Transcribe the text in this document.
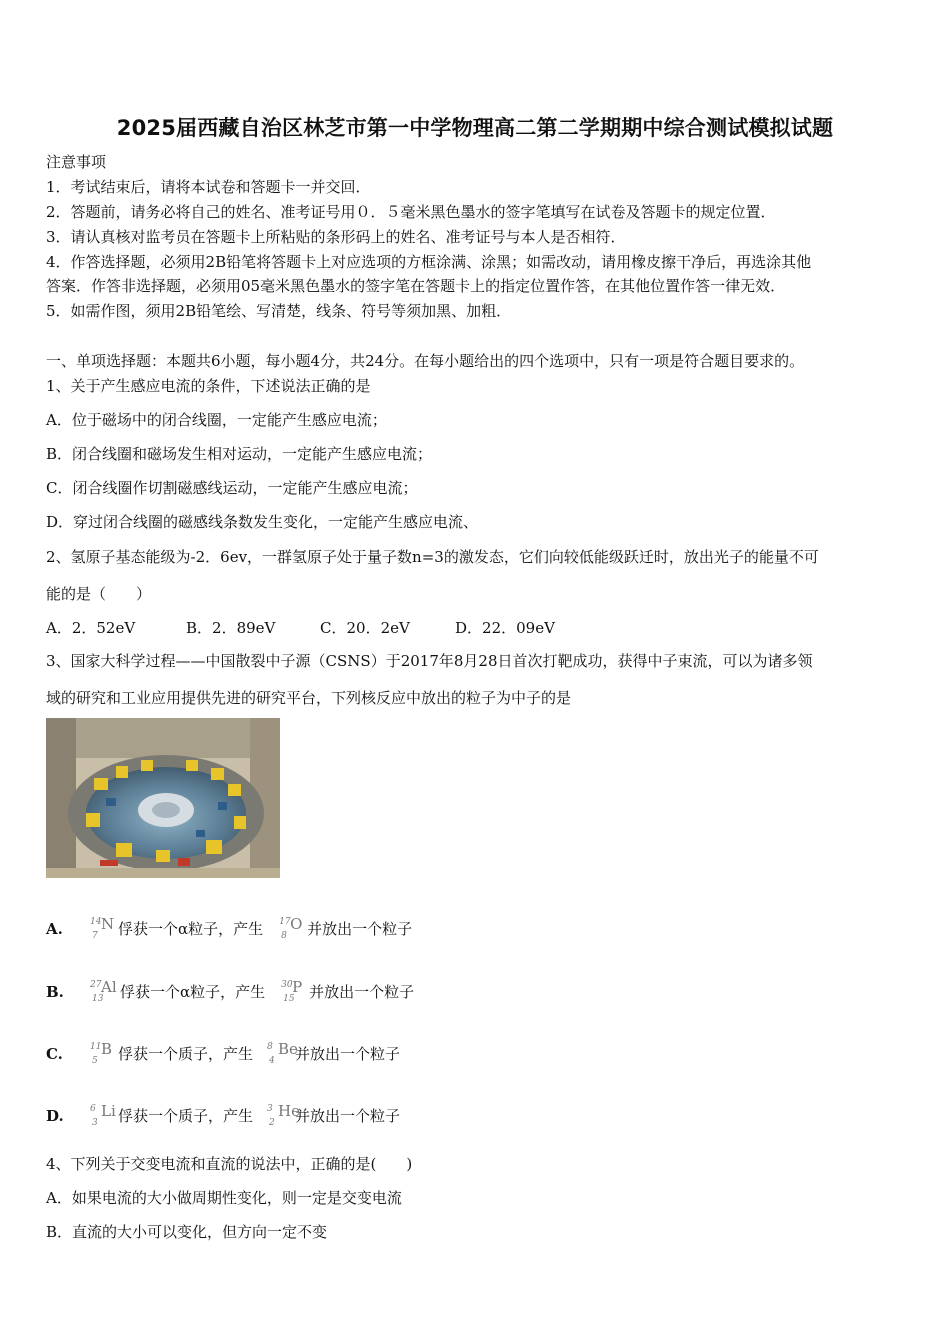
2025届西藏自治区林芝市第一中学物理高二第二学期期中综合测试模拟试题
注意事项
1．考试结束后，请将本试卷和答题卡一并交回．
2．答题前，请务必将自己的姓名、准考证号用０．５毫米黑色墨水的签字笔填写在试卷及答题卡的规定位置．
3．请认真核对监考员在答题卡上所粘贴的条形码上的姓名、准考证号与本人是否相符．
4．作答选择题，必须用2B铅笔将答题卡上对应选项的方框涂满、涂黑；如需改动，请用橡皮擦干净后，再选涂其他
答案．作答非选择题，必须用05毫米黑色墨水的签字笔在答题卡上的指定位置作答，在其他位置作答一律无效．
5．如需作图，须用2B铅笔绘、写清楚，线条、符号等须加黑、加粗．
一、单项选择题：本题共6小题，每小题4分，共24分。在每小题给出的四个选项中，只有一项是符合题目要求的。
1、关于产生感应电流的条件，下述说法正确的是
A．位于磁场中的闭合线圈，一定能产生感应电流；
B．闭合线圈和磁场发生相对运动，一定能产生感应电流；
C．闭合线圈作切割磁感线运动，一定能产生感应电流；
D．穿过闭合线圈的磁感线条数发生变化，一定能产生感应电流、
2、氢原子基态能级为-2．6ev，一群氢原子处于量子数n=3的激发态，它们向较低能级跃迁时，放出光子的能量不可
能的是（　　）
A．2．52eV	B．2．89eV	C．20．2eV	D．22．09eV
3、国家大科学过程——中国散裂中子源（CSNS）于2017年8月28日首次打靶成功，获得中子束流，可以为诸多领
域的研究和工业应用提供先进的研究平台，下列核反应中放出的粒子为中子的是
A.	14
7
N 俘获一个α粒子，产生 17
8
O 并放出一个粒子
B.	27
13
Al 俘获一个α粒子，产生 30
15
P 并放出一个粒子
C.	11
5
B 俘获一个质子，产生 8
4
Be
并放出一个粒子
D.	6
3
Li 俘获一个质子，产生 3
2
He
并放出一个粒子
4、下列关于交变电流和直流的说法中，正确的是(　　)
A．如果电流的大小做周期性变化，则一定是交变电流
B．直流的大小可以变化，但方向一定不变
